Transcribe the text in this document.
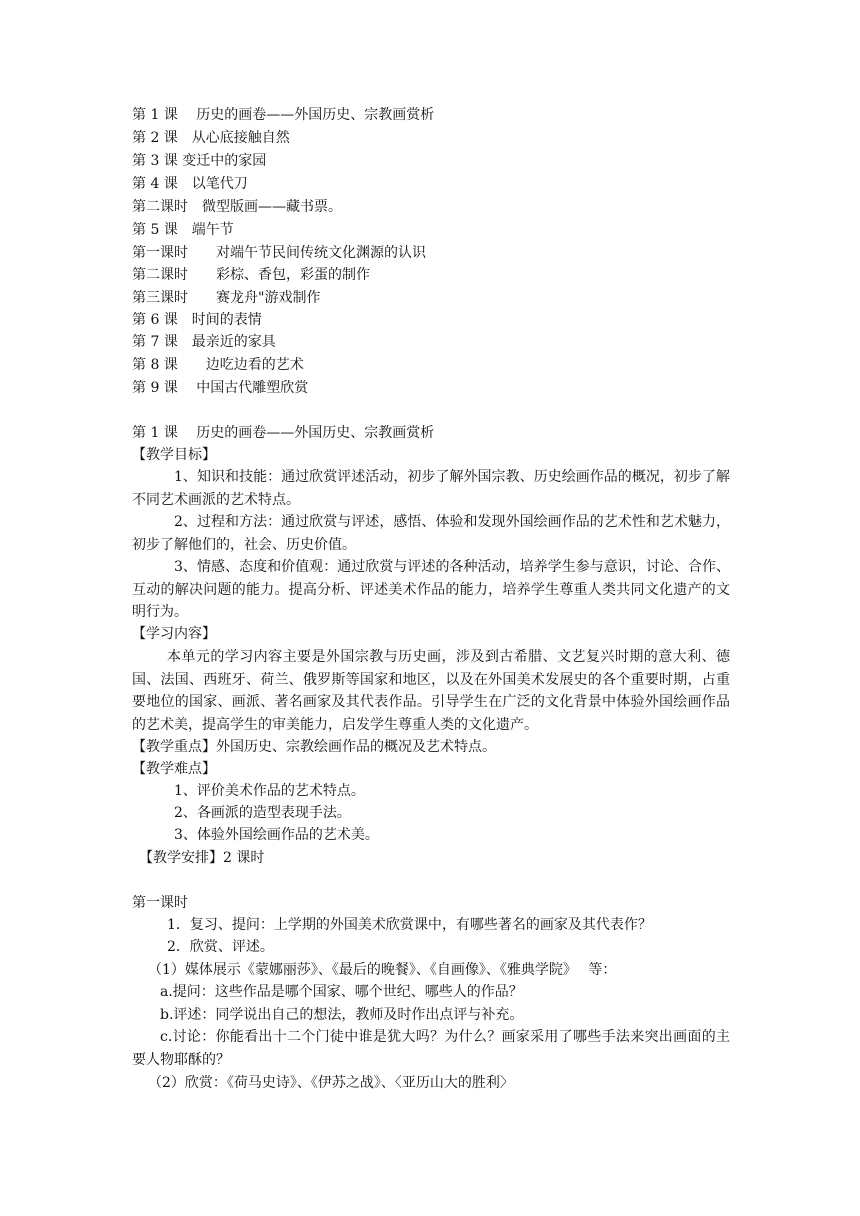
第 1 课　 历史的画卷——外国历史、宗教画赏析
第 2 课　从心底接触自然
第 3 课 变迁中的家园
第 4 课　以笔代刀
第二课时　微型版画——藏书票。
第 5 课　端午节
第一课时　　对端午节民间传统文化渊源的认识
第二课时　　彩棕、香包，彩蛋的制作
第三课时　　赛龙舟"游戏制作
第 6 课　时间的表情
第 7 课　最亲近的家具
第 8 课　　边吃边看的艺术
第 9 课　 中国古代雕塑欣赏
第 1 课　 历史的画卷——外国历史、宗教画赏析
【教学目标】
1、知识和技能：通过欣赏评述活动，初步了解外国宗教、历史绘画作品的概况，初步了解不同艺术画派的艺术特点。
2、过程和方法：通过欣赏与评述，感悟、体验和发现外国绘画作品的艺术性和艺术魅力，初步了解他们的，社会、历史价值。
3、情感、态度和价值观：通过欣赏与评述的各种活动，培养学生参与意识，讨论、合作、互动的解决问题的能力。提高分析、评述美术作品的能力，培养学生尊重人类共同文化遗产的文明行为。
【学习内容】
本单元的学习内容主要是外国宗教与历史画，涉及到古希腊、文艺复兴时期的意大利、德国、法国、西班牙、荷兰、俄罗斯等国家和地区，以及在外国美术发展史的各个重要时期，占重要地位的国家、画派、著名画家及其代表作品。引导学生在广泛的文化背景中体验外国绘画作品的艺术美，提高学生的审美能力，启发学生尊重人类的文化遗产。
【教学重点】外国历史、宗教绘画作品的概况及艺术特点。
【教学难点】
1、评价美术作品的艺术特点。
2、各画派的造型表现手法。
3、体验外国绘画作品的艺术美。
【教学安排】2 课时
第一课时
1．复习、提问：上学期的外国美术欣赏课中，有哪些著名的画家及其代表作？
2．欣赏、评述。
（1）媒体展示《蒙娜丽莎》、《最后的晚餐》、《自画像》、《雅典学院》　 等：
a.提问：这些作品是哪个国家、哪个世纪、哪些人的作品？
b.评述：同学说出自己的想法，教师及时作出点评与补充。
c.讨论：你能看出十二个门徒中谁是犹大吗？为什么？画家采用了哪些手法来突出画面的主要人物耶酥的？
（2）欣赏：《荷马史诗》、《伊苏之战》、〈亚历山大的胜利〉
